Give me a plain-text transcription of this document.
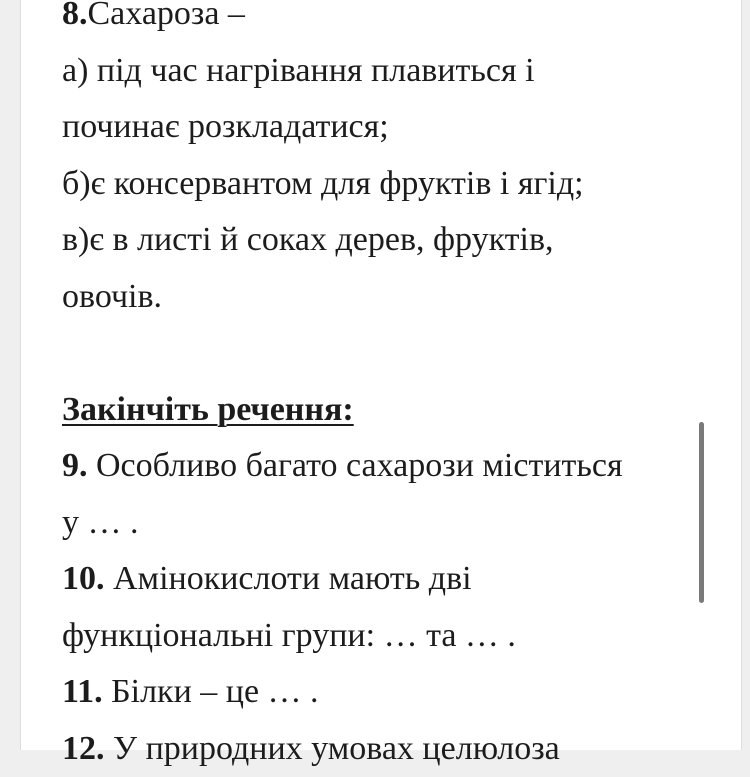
8.Сахароза –
а) під час нагрівання плавиться і
починає розкладатися;
б)є консервантом для фруктів і ягід;
в)є в листі й соках дерев, фруктів,
овочів.
Закінчіть речення:
9. Особливо багато сахарози міститься
у … .
10. Амінокислоти мають дві
функціональні групи: … та … .
11. Білки – це … .
12. У природних умовах целюлоза
